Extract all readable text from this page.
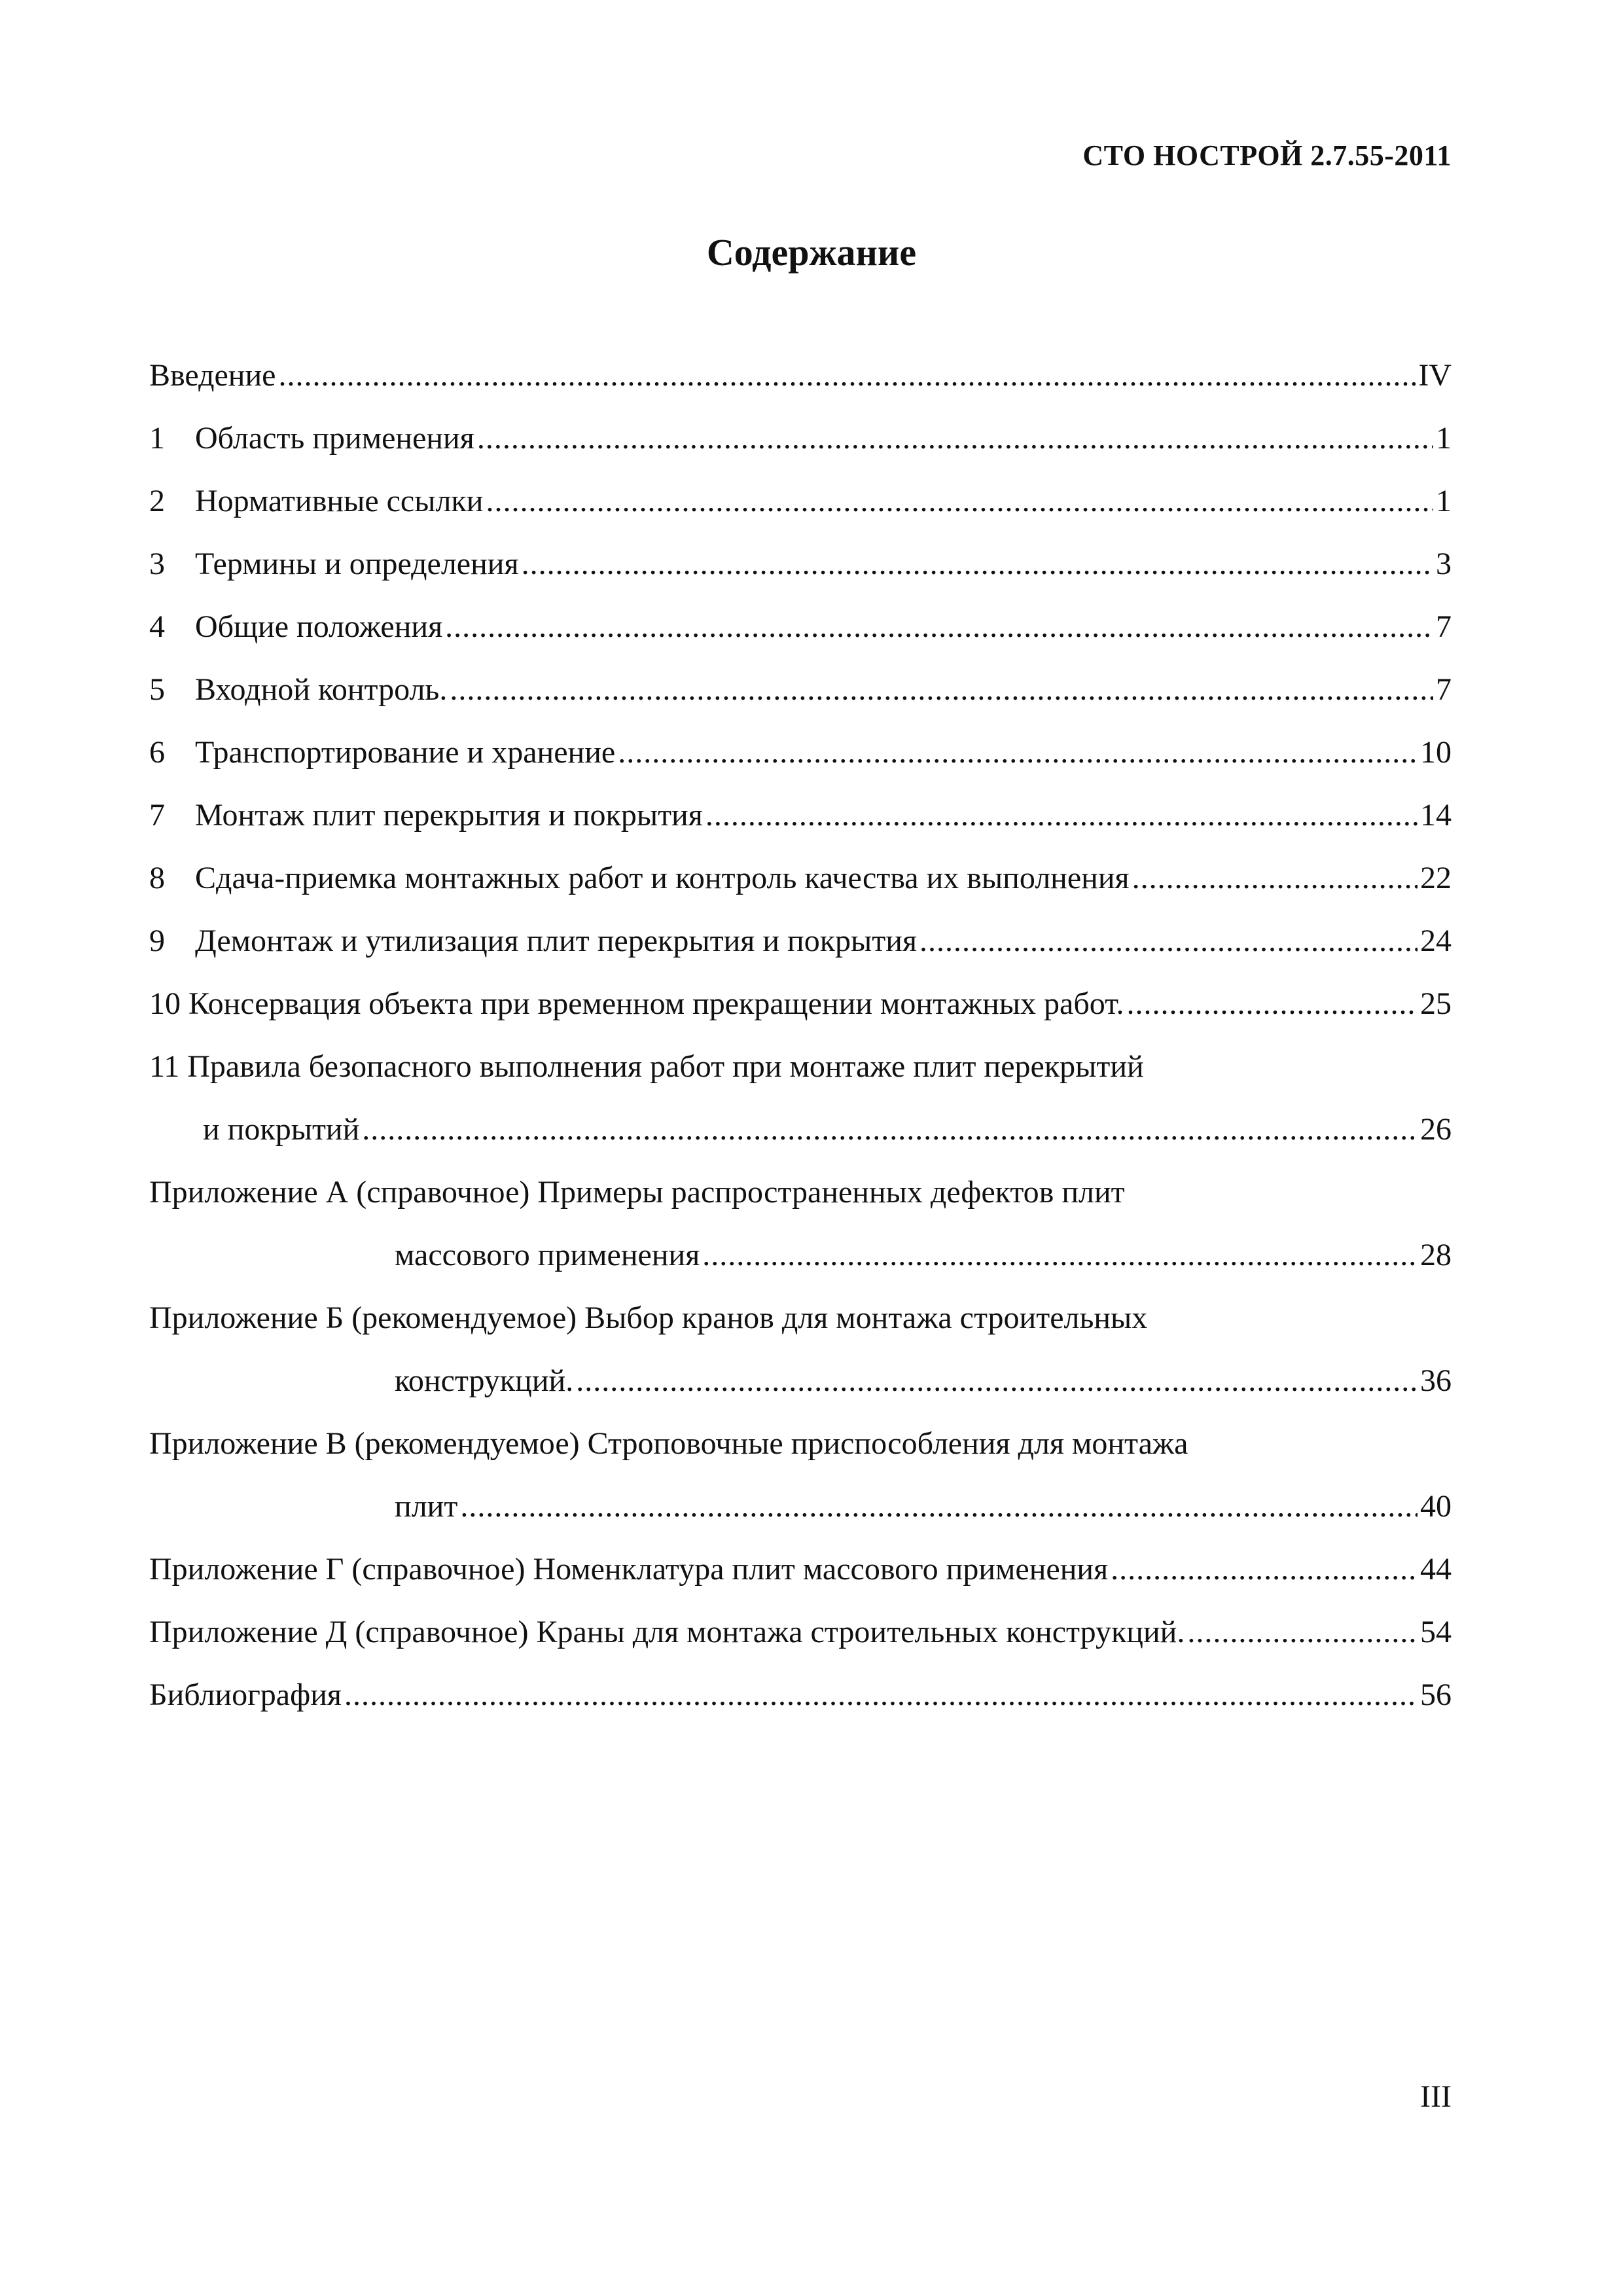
СТО НОСТРОЙ 2.7.55-2011
Содержание
Введение .....	IV
1 Область применения .....	1
2 Нормативные ссылки .....	1
3 Термины и определения .....	3
4 Общие положения .....	7
5 Входной контроль. .....	7
6 Транспортирование и хранение .....	10
7 Монтаж плит перекрытия и покрытия .....	14
8 Сдача-приемка монтажных работ и контроль качества их выполнения .....	22
9 Демонтаж и утилизация плит перекрытия и покрытия .....	24
10 Консервация объекта при временном прекращении монтажных работ. .....	25
11 Правила безопасного выполнения работ при монтаже плит перекрытий
и покрытий .....	26
Приложение А (справочное) Примеры распространенных дефектов плит
массового применения .....	28
Приложение Б (рекомендуемое) Выбор кранов для монтажа строительных
конструкций. .....	36
Приложение В (рекомендуемое) Строповочные приспособления для монтажа
плит .....	40
Приложение Г (справочное) Номенклатура плит массового применения .....	44
Приложение Д (справочное) Краны для монтажа строительных конструкций. .....	54
Библиография .....	56
III
